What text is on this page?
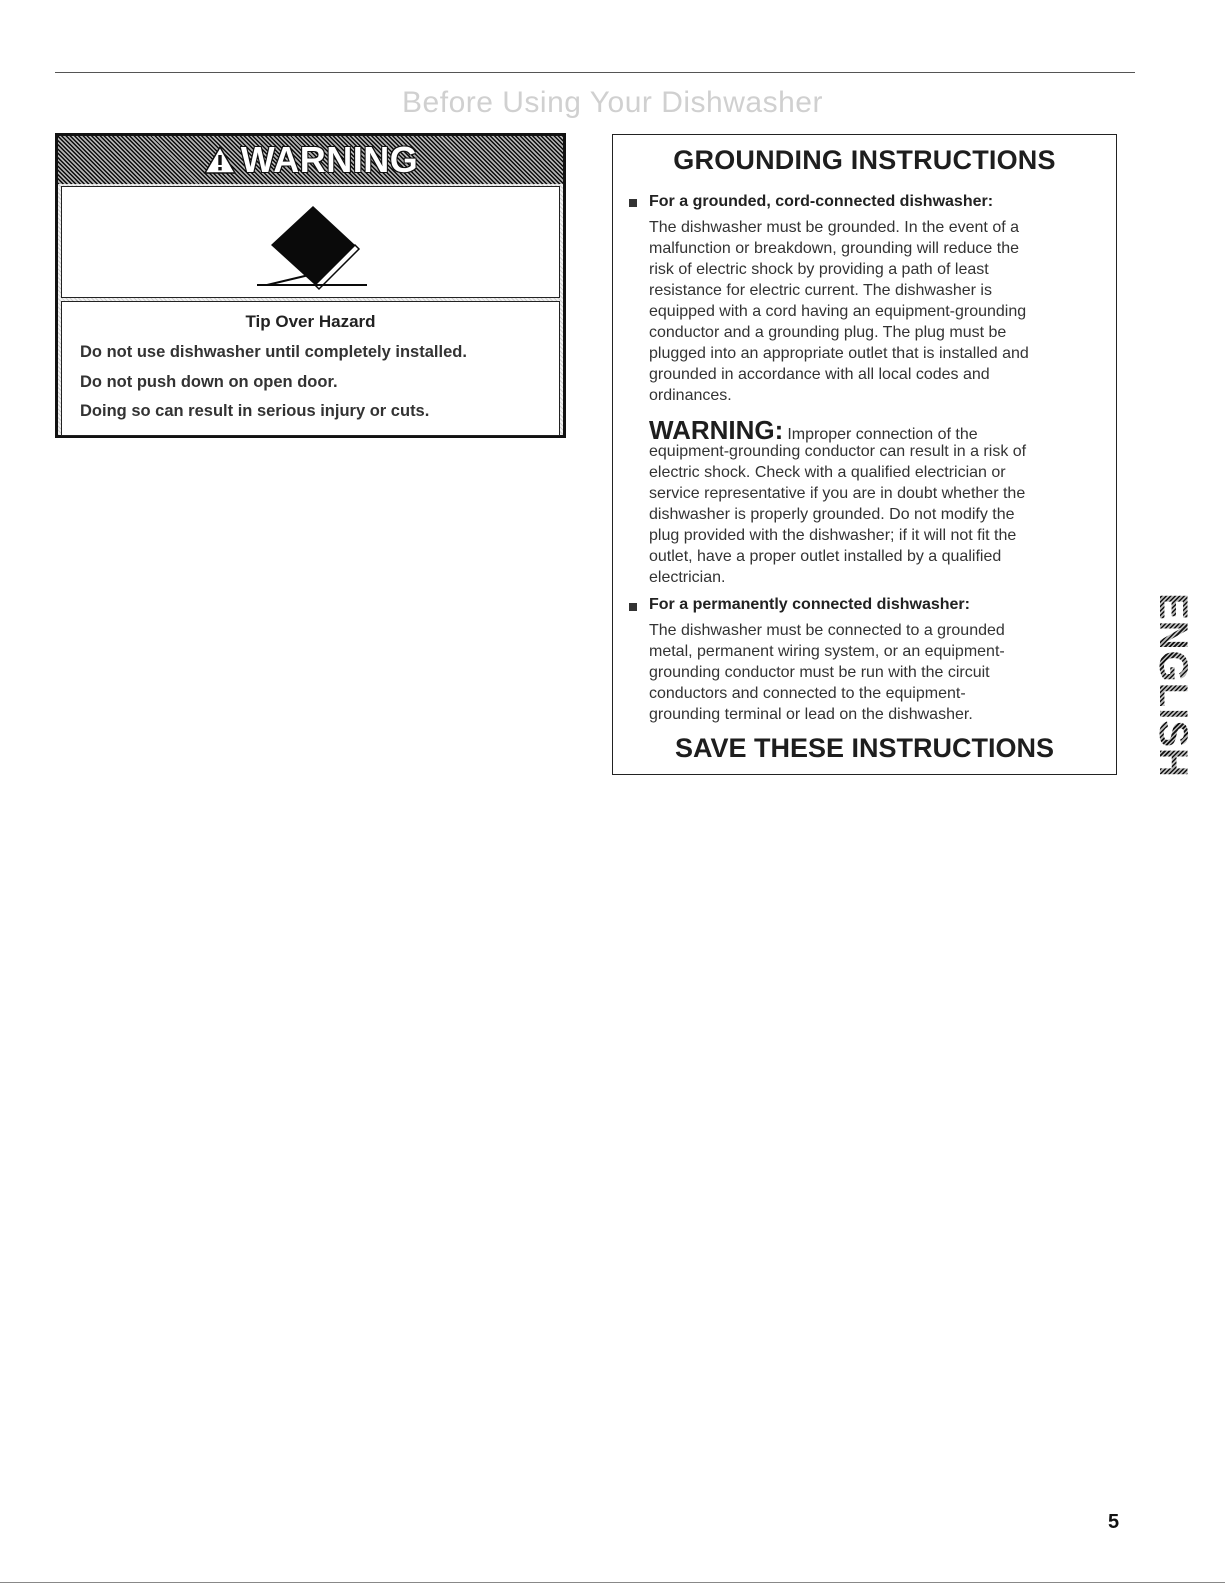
Before Using Your Dishwasher
WARNING
Tip Over Hazard
Do not use dishwasher until completely installed.
Do not push down on open door.
Doing so can result in serious injury or cuts.
GROUNDING INSTRUCTIONS
For a grounded, cord-connected dishwasher:
The dishwasher must be grounded. In the event of a
malfunction or breakdown, grounding will reduce the
risk of electric shock by providing a path of least
resistance for electric current. The dishwasher is
equipped with a cord having an equipment-grounding
conductor and a grounding plug. The plug must be
plugged into an appropriate outlet that is installed and
grounded in accordance with all local codes and
ordinances.
WARNING: Improper connection of the
equipment-grounding conductor can result in a risk of
electric shock. Check with a qualified electrician or
service representative if you are in doubt whether the
dishwasher is properly grounded. Do not modify the
plug provided with the dishwasher; if it will not fit the
outlet, have a proper outlet installed by a qualified
electrician.
For a permanently connected dishwasher:
The dishwasher must be connected to a grounded
metal, permanent wiring system, or an equipment-
grounding conductor must be run with the circuit
conductors and connected to the equipment-
grounding terminal or lead on the dishwasher.
SAVE THESE INSTRUCTIONS	ENGLISH
5
